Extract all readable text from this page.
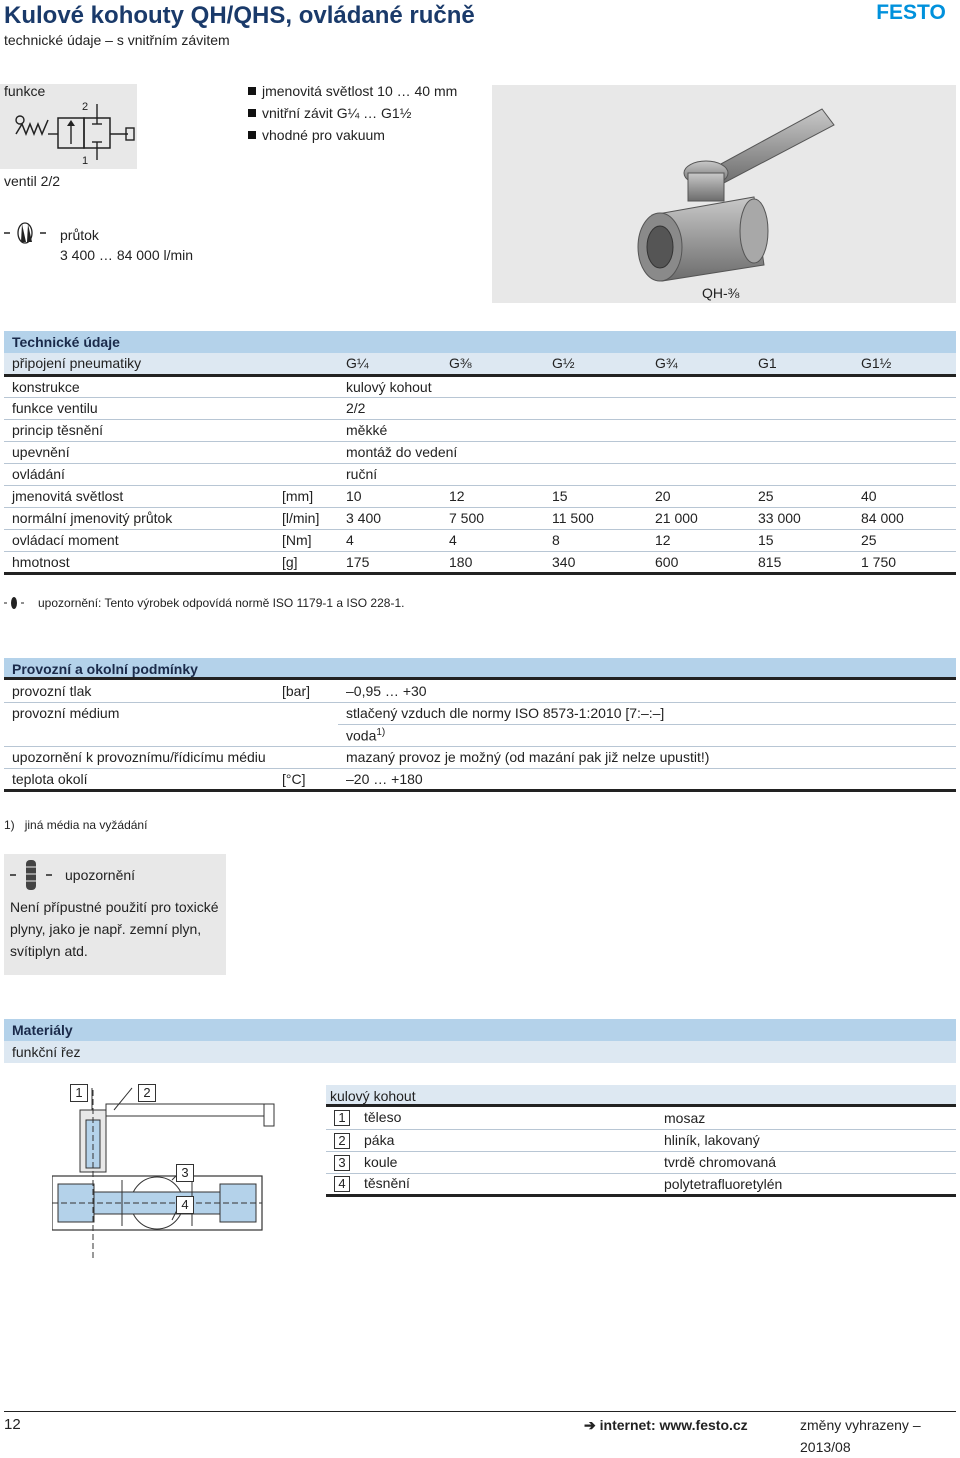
Kulové kohouty QH/QHS, ovládané ručně
technické údaje – s vnitřním závitem
FESTO
funkce
2
1
ventil 2/2
jmenovitá světlost 10 … 40 mm
vnitřní závit G¼ … G1½
vhodné pro vakuum
průtok
3 400 … 84 000 l/min
QH-⅜
Technické údaje
připojení pneumatiky		G¼	G⅜	G½	G¾	G1	G1½
konstrukce		kulový kohout					
funkce ventilu		2/2					
princip těsnění		měkké					
upevnění		montáž do vedení					
ovládání		ruční					
jmenovitá světlost	[mm]	10	12	15	20	25	40
normální jmenovitý průtok	[l/min]	3 400	7 500	11 500	21 000	33 000	84 000
ovládací moment	[Nm]	4	4	8	12	15	25
hmotnost	[g]	175	180	340	600	815	1 750
upozornění: Tento výrobek odpovídá normě ISO 1179-1 a ISO 228-1.
Provozní a okolní podmínky
provozní tlak	[bar]	–0,95 … +30
provozní médium		stlačený vzduch dle normy ISO 8573-1:2010 [7:–:–]
		voda$^{1)}$
upozornění k provoznímu/řídicímu médiu		mazaný provoz je možný (od mazání pak již nelze upustit!)
teplota okolí	[°C]	–20 … +180
1) jiná média na vyžádání
upozornění
Není přípustné použití pro toxické
plyny, jako je např. zemní plyn,
svítiplyn atd.
Materiály
funkční řez
1	2
3
4
kulový kohout
1 těleso	mosaz
2 páka	hliník, lakovaný
3 koule	tvrdě chromovaná
4 těsnění	polytetrafluoretylén
12	➔ internet: www.festo.cz	změny vyhrazeny – 2013/08
